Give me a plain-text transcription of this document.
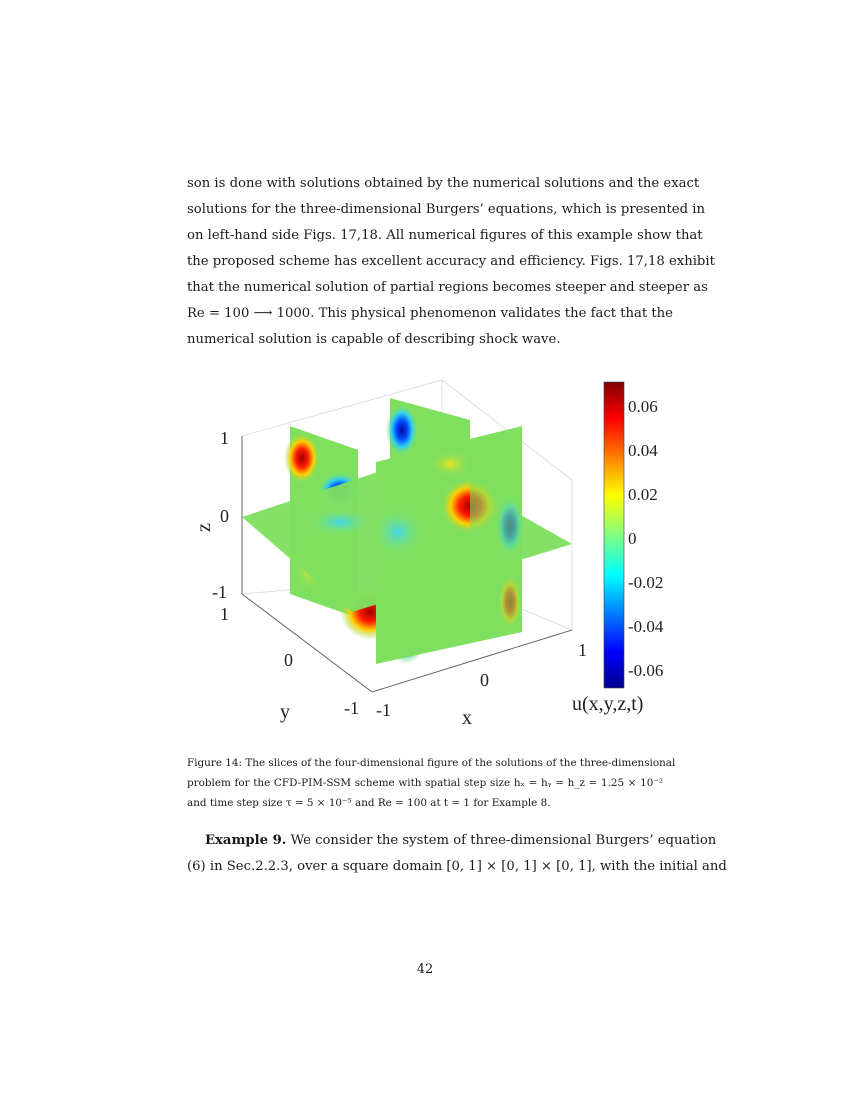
son is done with solutions obtained by the numerical solutions and the exact
solutions for the three-dimensional Burgers’ equations, which is presented in
on left-hand side Figs. 17,18. All numerical figures of this example show that
the proposed scheme has excellent accuracy and efficiency. Figs. 17,18 exhibit
that the numerical solution of partial regions becomes steeper and steeper as
Re = 100 ⟶ 1000. This physical phenomenon validates the fact that the
numerical solution is capable of describing shock wave.
1
0
-1
z
1
0
-1
y	-1
0
1
x
0.06
0.04
0.02
0
-0.02
-0.04
-0.06
u(x,y,z,t)
Figure 14: The slices of the four-dimensional figure of the solutions of the three-dimensional
problem for the CFD-PIM-SSM scheme with spatial step size hₓ = hᵧ = h_z = 1.25 × 10⁻²
and time step size τ = 5 × 10⁻⁵ and Re = 100 at t = 1 for Example 8.
Example 9. We consider the system of three-dimensional Burgers’ equation
(6) in Sec.2.2.3, over a square domain [0, 1] × [0, 1] × [0, 1], with the initial and
42
